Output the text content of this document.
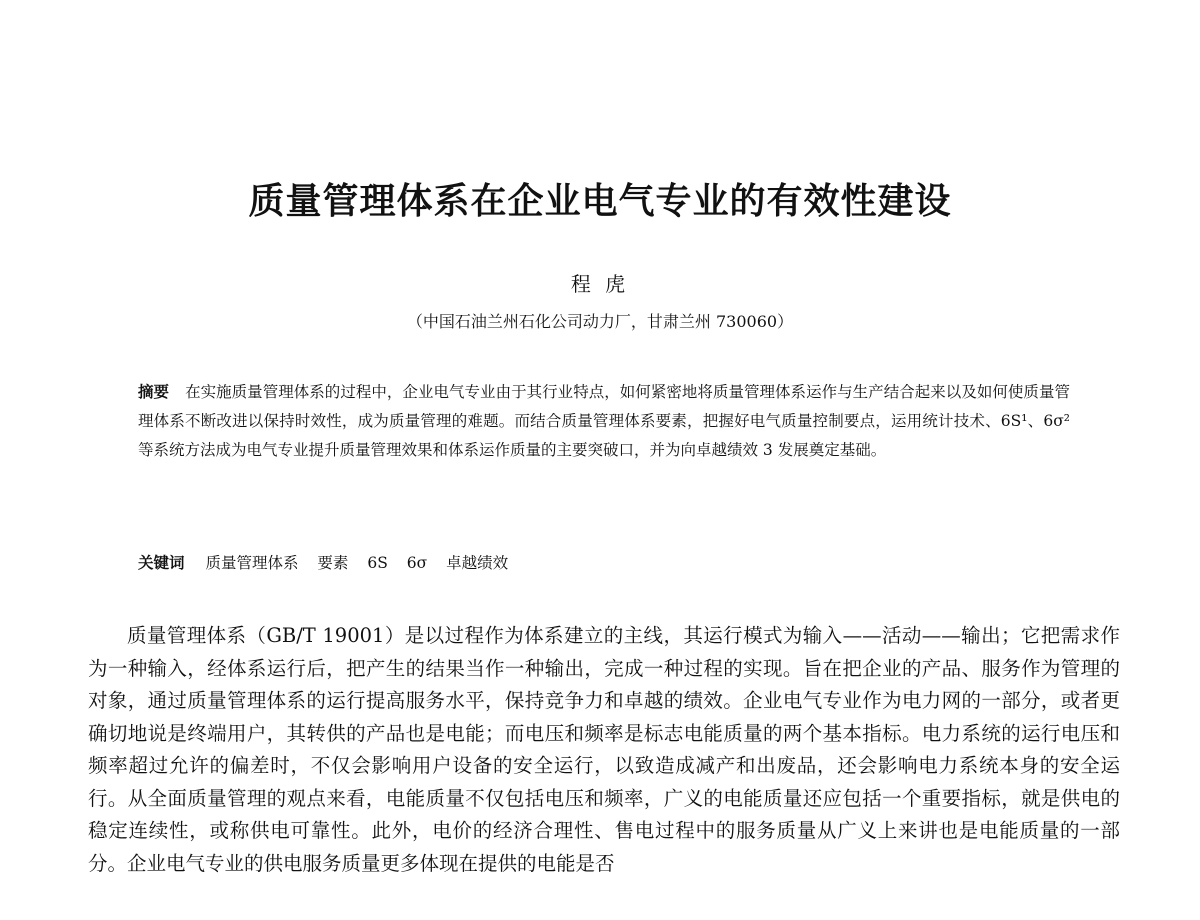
质量管理体系在企业电气专业的有效性建设
程 虎
（中国石油兰州石化公司动力厂，甘肃兰州 730060）
摘要 在实施质量管理体系的过程中，企业电气专业由于其行业特点，如何紧密地将质量管理体系运作与生产结合起来以及如何使质量管理体系不断改进以保持时效性，成为质量管理的难题。而结合质量管理体系要素，把握好电气质量控制要点，运用统计技术、6S¹、6σ² 等系统方法成为电气专业提升质量管理效果和体系运作质量的主要突破口，并为向卓越绩效 3 发展奠定基础。
关键词 质量管理体系 要素 6S 6σ 卓越绩效
质量管理体系（GB/T 19001）是以过程作为体系建立的主线，其运行模式为输入——活动——输出；它把需求作为一种输入，经体系运行后，把产生的结果当作一种输出，完成一种过程的实现。旨在把企业的产品、服务作为管理的对象，通过质量管理体系的运行提高服务水平，保持竞争力和卓越的绩效。企业电气专业作为电力网的一部分，或者更确切地说是终端用户，其转供的产品也是电能；而电压和频率是标志电能质量的两个基本指标。电力系统的运行电压和频率超过允许的偏差时，不仅会影响用户设备的安全运行，以致造成减产和出废品，还会影响电力系统本身的安全运行。从全面质量管理的观点来看，电能质量不仅包括电压和频率，广义的电能质量还应包括一个重要指标，就是供电的稳定连续性，或称供电可靠性。此外，电价的经济合理性、售电过程中的服务质量从广义上来讲也是电能质量的一部分。企业电气专业的供电服务质量更多体现在提供的电能是否
